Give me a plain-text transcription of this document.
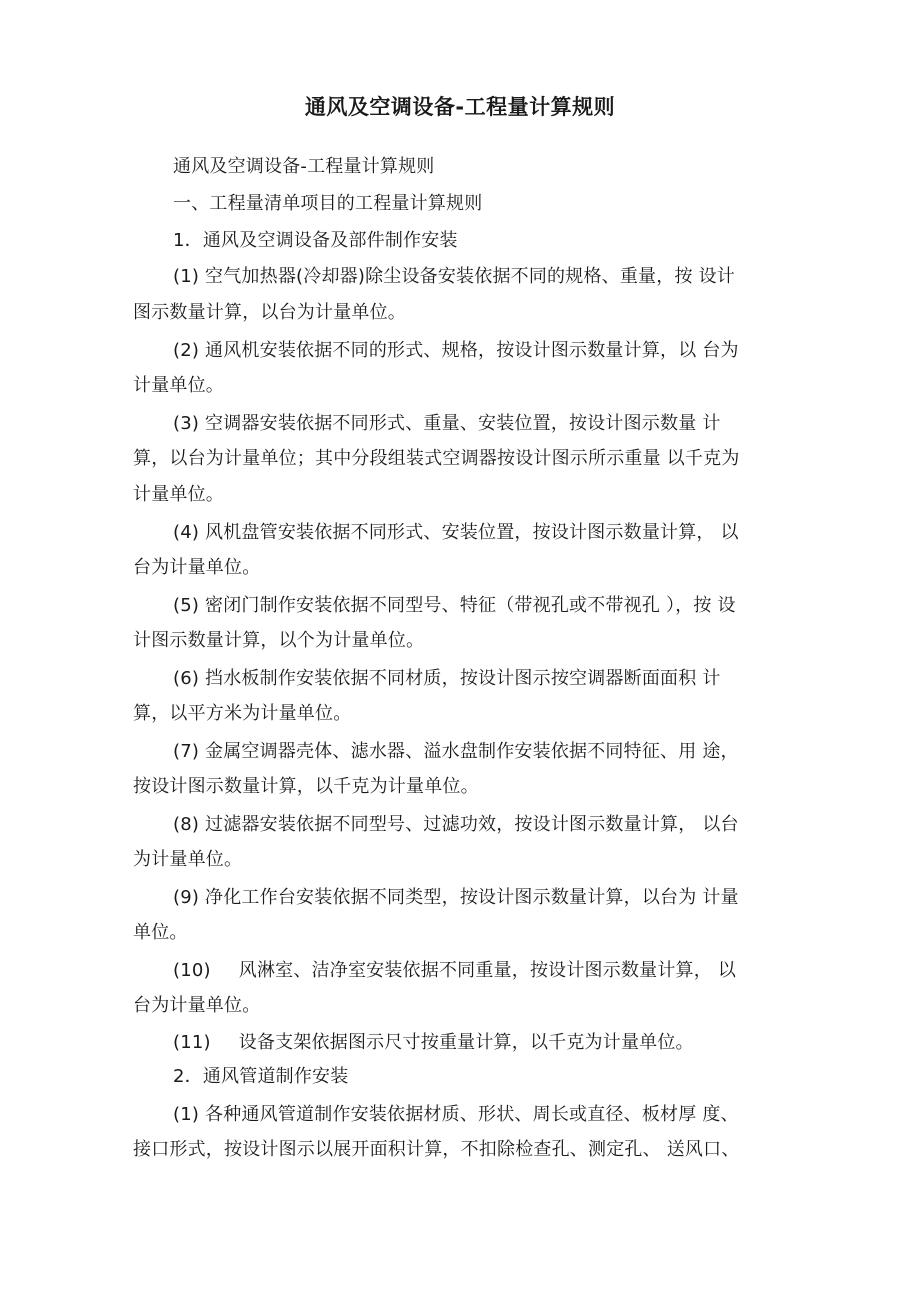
通风及空调设备-工程量计算规则
通风及空调设备-工程量计算规则
一、工程量清单项目的工程量计算规则
1．通风及空调设备及部件制作安装
(1) 空气加热器(冷却器)除尘设备安装依据不同的规格、重量，按 设计
图示数量计算，以台为计量单位。
(2) 通风机安装依据不同的形式、规格，按设计图示数量计算，以 台为
计量单位。
(3) 空调器安装依据不同形式、重量、安装位置，按设计图示数量 计
算，以台为计量单位；其中分段组装式空调器按设计图示所示重量 以千克为
计量单位。
(4) 风机盘管安装依据不同形式、安装位置，按设计图示数量计算， 以
台为计量单位。
(5) 密闭门制作安装依据不同型号、特征（带视孔或不带视孔 ），按 设
计图示数量计算，以个为计量单位。
(6) 挡水板制作安装依据不同材质，按设计图示按空调器断面面积 计
算，以平方米为计量单位。
(7) 金属空调器壳体、滤水器、溢水盘制作安装依据不同特征、用 途，
按设计图示数量计算，以千克为计量单位。
(8) 过滤器安装依据不同型号、过滤功效，按设计图示数量计算， 以台
为计量单位。
(9) 净化工作台安装依据不同类型，按设计图示数量计算，以台为 计量
单位。
(10) 风淋室、洁净室安装依据不同重量，按设计图示数量计算， 以
台为计量单位。
(11) 设备支架依据图示尺寸按重量计算，以千克为计量单位。
2．通风管道制作安装
(1) 各种通风管道制作安装依据材质、形状、周长或直径、板材厚 度、
接口形式，按设计图示以展开面积计算，不扣除检查孔、测定孔、 送风口、
